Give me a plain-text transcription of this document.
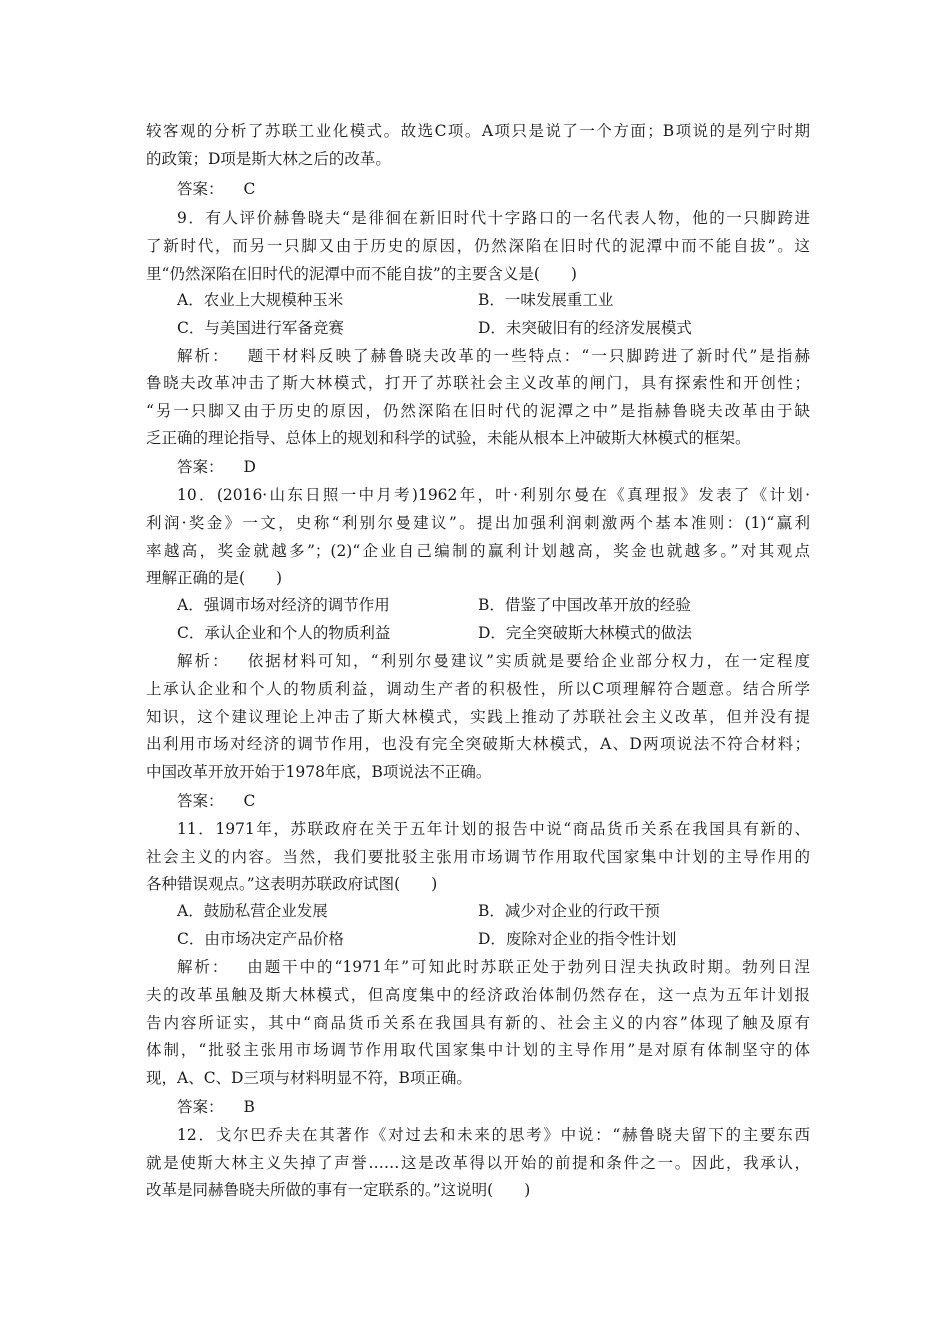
较客观的分析了苏联工业化模式。故选C项。A项只是说了一个方面；B项说的是列宁时期
的政策；D项是斯大林之后的改革。
答案： C
9．有人评价赫鲁晓夫“是徘徊在新旧时代十字路口的一名代表人物，他的一只脚跨进
了新时代，而另一只脚又由于历史的原因，仍然深陷在旧时代的泥潭中而不能自拔”。这
里“仍然深陷在旧时代的泥潭中而不能自拔”的主要含义是(　　)
A．农业上大规模种玉米	B．一味发展重工业
C．与美国进行军备竞赛	D．未突破旧有的经济发展模式
解析： 题干材料反映了赫鲁晓夫改革的一些特点：“一只脚跨进了新时代”是指赫
鲁晓夫改革冲击了斯大林模式，打开了苏联社会主义改革的闸门，具有探索性和开创性；
“另一只脚又由于历史的原因，仍然深陷在旧时代的泥潭之中”是指赫鲁晓夫改革由于缺
乏正确的理论指导、总体上的规划和科学的试验，未能从根本上冲破斯大林模式的框架。
答案： D
10．(2016·山东日照一中月考)1962年，叶·利别尔曼在《真理报》发表了《计划·
利润·奖金》一文，史称“利别尔曼建议”。提出加强利润刺激两个基本准则：(1)“赢利
率越高，奖金就越多”；(2)“企业自己编制的赢利计划越高，奖金也就越多。”对其观点
理解正确的是(　　)
A．强调市场对经济的调节作用	B．借鉴了中国改革开放的经验
C．承认企业和个人的物质利益	D．完全突破斯大林模式的做法
解析： 依据材料可知，“利别尔曼建议”实质就是要给企业部分权力，在一定程度
上承认企业和个人的物质利益，调动生产者的积极性，所以C项理解符合题意。结合所学
知识，这个建议理论上冲击了斯大林模式，实践上推动了苏联社会主义改革，但并没有提
出利用市场对经济的调节作用，也没有完全突破斯大林模式，A、D两项说法不符合材料；
中国改革开放开始于1978年底，B项说法不正确。
答案： C
11．1971年，苏联政府在关于五年计划的报告中说“商品货币关系在我国具有新的、
社会主义的内容。当然，我们要批驳主张用市场调节作用取代国家集中计划的主导作用的
各种错误观点。”这表明苏联政府试图(　　)
A．鼓励私营企业发展	B．减少对企业的行政干预
C．由市场决定产品价格	D．废除对企业的指令性计划
解析： 由题干中的“1971年”可知此时苏联正处于勃列日涅夫执政时期。勃列日涅
夫的改革虽触及斯大林模式，但高度集中的经济政治体制仍然存在，这一点为五年计划报
告内容所证实，其中“商品货币关系在我国具有新的、社会主义的内容”体现了触及原有
体制，“批驳主张用市场调节作用取代国家集中计划的主导作用”是对原有体制坚守的体
现，A、C、D三项与材料明显不符，B项正确。
答案： B
12．戈尔巴乔夫在其著作《对过去和未来的思考》中说：“赫鲁晓夫留下的主要东西
就是使斯大林主义失掉了声誉……这是改革得以开始的前提和条件之一。因此，我承认，
改革是同赫鲁晓夫所做的事有一定联系的。”这说明(　　)
